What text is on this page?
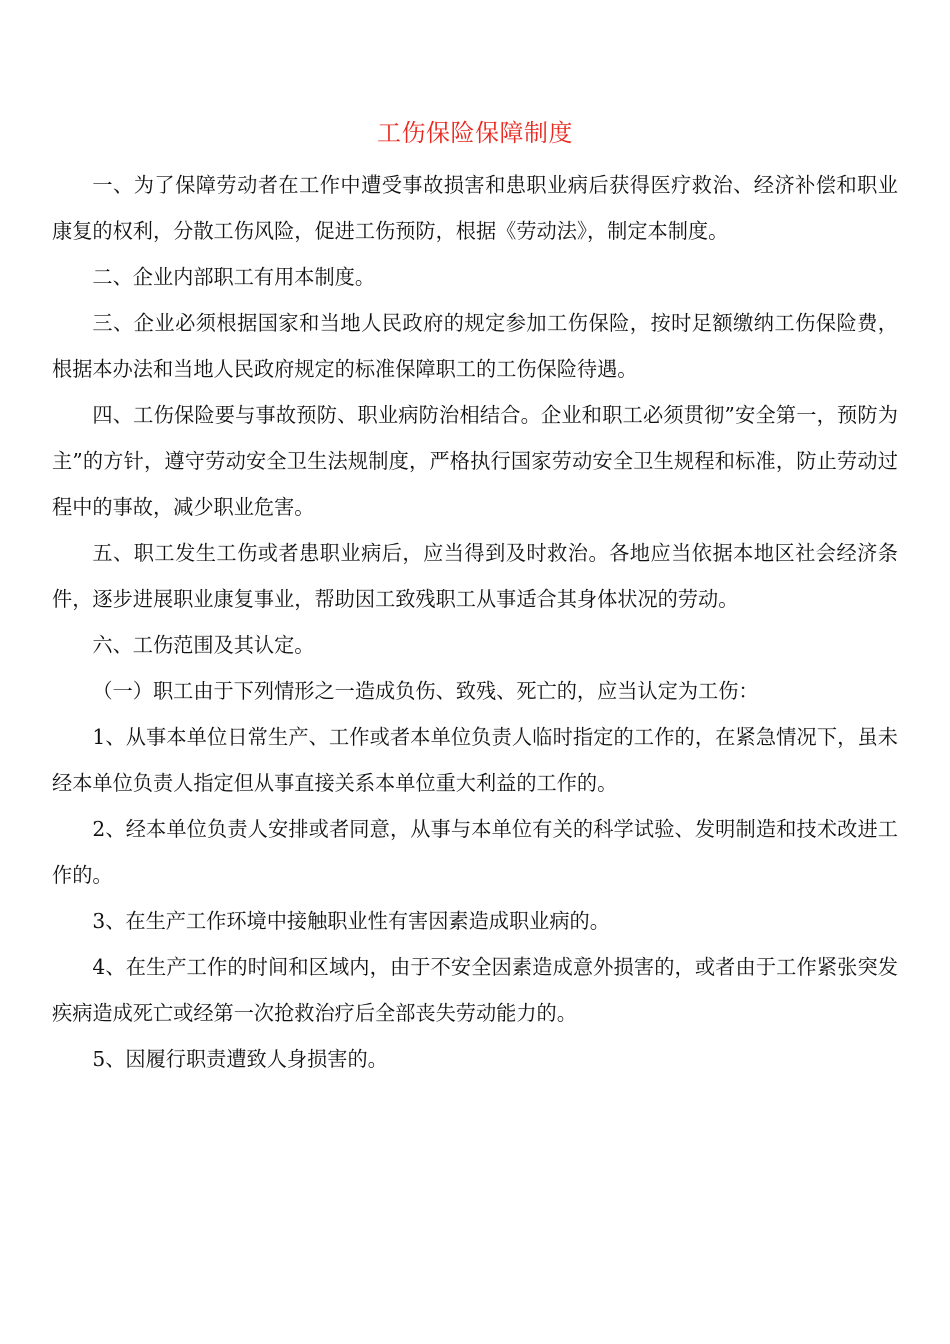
工伤保险保障制度

一、为了保障劳动者在工作中遭受事故损害和患职业病后获得医疗救治、经济补偿和职业康复的权利，分散工伤风险，促进工伤预防，根据《劳动法》，制定本制度。

二、企业内部职工有用本制度。

三、企业必须根据国家和当地人民政府的规定参加工伤保险，按时足额缴纳工伤保险费，根据本办法和当地人民政府规定的标准保障职工的工伤保险待遇。

四、工伤保险要与事故预防、职业病防治相结合。企业和职工必须贯彻”安全第一，预防为主”的方针，遵守劳动安全卫生法规制度，严格执行国家劳动安全卫生规程和标准，防止劳动过程中的事故，减少职业危害。

五、职工发生工伤或者患职业病后，应当得到及时救治。各地应当依据本地区社会经济条件，逐步进展职业康复事业，帮助因工致残职工从事适合其身体状况的劳动。

六、工伤范围及其认定。

（一）职工由于下列情形之一造成负伤、致残、死亡的，应当认定为工伤：

1、从事本单位日常生产、工作或者本单位负责人临时指定的工作的，在紧急情况下，虽未经本单位负责人指定但从事直接关系本单位重大利益的工作的。

2、经本单位负责人安排或者同意，从事与本单位有关的科学试验、发明制造和技术改进工作的。

3、在生产工作环境中接触职业性有害因素造成职业病的。

4、在生产工作的时间和区域内，由于不安全因素造成意外损害的，或者由于工作紧张突发疾病造成死亡或经第一次抢救治疗后全部丧失劳动能力的。

5、因履行职责遭致人身损害的。
